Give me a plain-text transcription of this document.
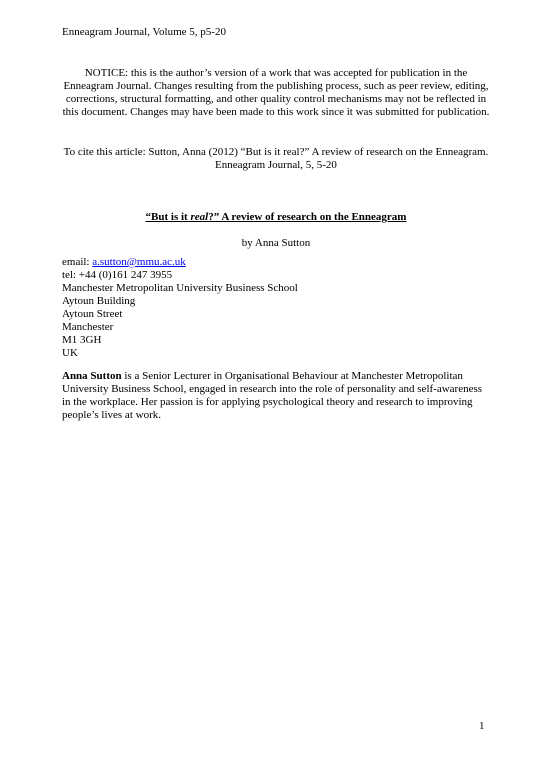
Enneagram Journal, Volume 5, p5-20
NOTICE: this is the author’s version of a work that was accepted for publication in the Enneagram Journal. Changes resulting from the publishing process, such as peer review, editing, corrections, structural formatting, and other quality control mechanisms may not be reflected in this document. Changes may have been made to this work since it was submitted for publication.
To cite this article: Sutton, Anna (2012) “But is it real?” A review of research on the Enneagram. Enneagram Journal, 5, 5-20
“But is it real?” A review of research on the Enneagram
by Anna Sutton
email: a.sutton@mmu.ac.uk
tel: +44 (0)161 247 3955
Manchester Metropolitan University Business School
Aytoun Building
Aytoun Street
Manchester
M1 3GH
UK
Anna Sutton is a Senior Lecturer in Organisational Behaviour at Manchester Metropolitan University Business School, engaged in research into the role of personality and self-awareness in the workplace. Her passion is for applying psychological theory and research to improving people’s lives at work.
1
